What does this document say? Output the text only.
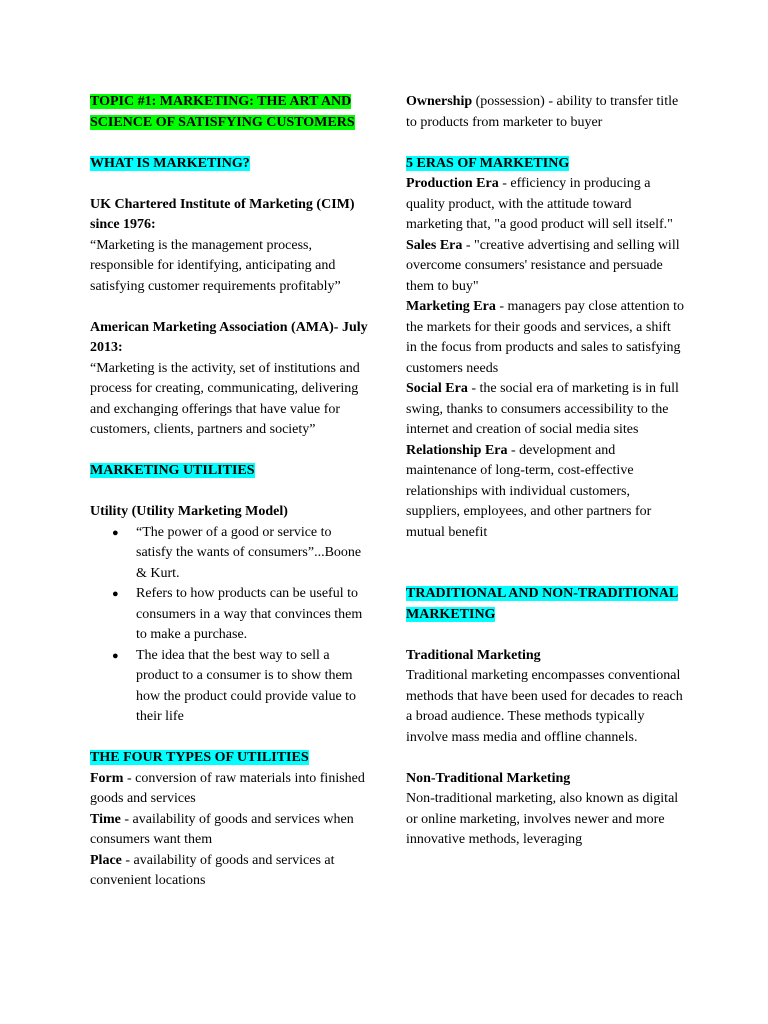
TOPIC #1: MARKETING: THE ART AND SCIENCE OF SATISFYING CUSTOMERS

WHAT IS MARKETING?

UK Chartered Institute of Marketing (CIM) since 1976:

“Marketing is the management process, responsible for identifying, anticipating and satisfying customer requirements profitably”

American Marketing Association (AMA)- July 2013:

“Marketing is the activity, set of institutions and process for creating, communicating, delivering and exchanging offerings that have value for customers, clients, partners and society”

MARKETING UTILITIES

Utility (Utility Marketing Model)

● “The power of a good or service to satisfy the wants of consumers”...Boone & Kurt.
● Refers to how products can be useful to consumers in a way that convinces them to make a purchase.
● The idea that the best way to sell a product to a consumer is to show them how the product could provide value to their life

THE FOUR TYPES OF UTILITIES

Form - conversion of raw materials into finished goods and services

Time - availability of goods and services when consumers want them

Place - availability of goods and services at convenient locations

Ownership (possession) - ability to transfer title to products from marketer to buyer

5 ERAS OF MARKETING

Production Era - efficiency in producing a quality product, with the attitude toward marketing that, "a good product will sell itself."

Sales Era - "creative advertising and selling will overcome consumers' resistance and persuade them to buy"

Marketing Era - managers pay close attention to the markets for their goods and services, a shift in the focus from products and sales to satisfying customers needs

Social Era - the social era of marketing is in full swing, thanks to consumers accessibility to the internet and creation of social media sites

Relationship Era - development and maintenance of long-term, cost-effective relationships with individual customers, suppliers, employees, and other partners for mutual benefit

TRADITIONAL AND NON-TRADITIONAL MARKETING

Traditional Marketing

Traditional marketing encompasses conventional methods that have been used for decades to reach a broad audience. These methods typically involve mass media and offline channels.

Non-Traditional Marketing

Non-traditional marketing, also known as digital or online marketing, involves newer and more innovative methods, leveraging
